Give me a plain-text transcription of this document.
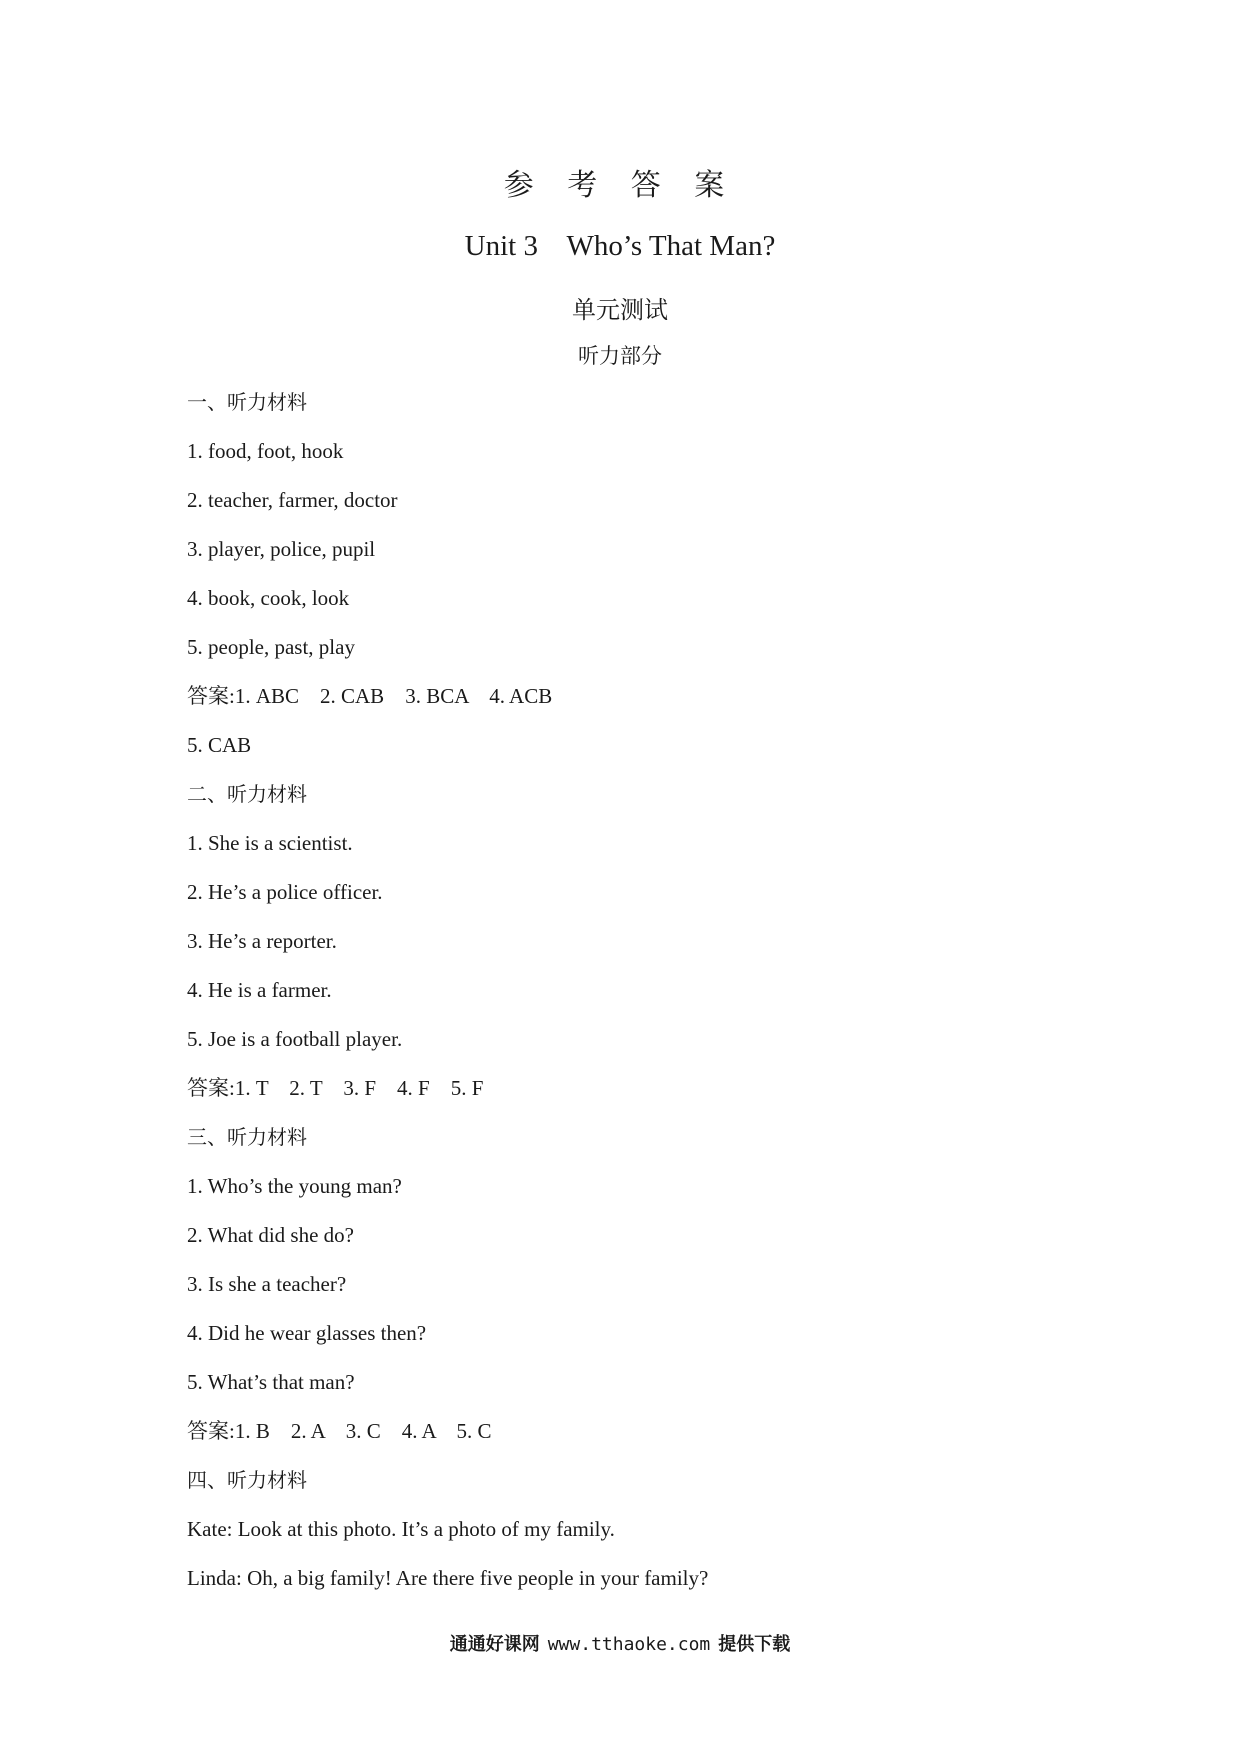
参 考 答 案
Unit 3    Who’s That Man?
单元测试
听力部分
一、听力材料
1. food, foot, hook
2. teacher, farmer, doctor
3. player, police, pupil
4. book, cook, look
5. people, past, play
答案:1. ABC    2. CAB    3. BCA    4. ACB
5. CAB
二、听力材料
1. She is a scientist.
2. He’s a police officer.
3. He’s a reporter.
4. He is a farmer.
5. Joe is a football player.
答案:1. T    2. T    3. F    4. F    5. F
三、听力材料
1. Who’s the young man?
2. What did she do?
3. Is she a teacher?
4. Did he wear glasses then?
5. What’s that man?
答案:1. B    2. A    3. C    4. A    5. C
四、听力材料
Kate: Look at this photo. It’s a photo of my family.
Linda: Oh, a big family! Are there five people in your family?
通通好课网 www.tthaoke.com 提供下载
